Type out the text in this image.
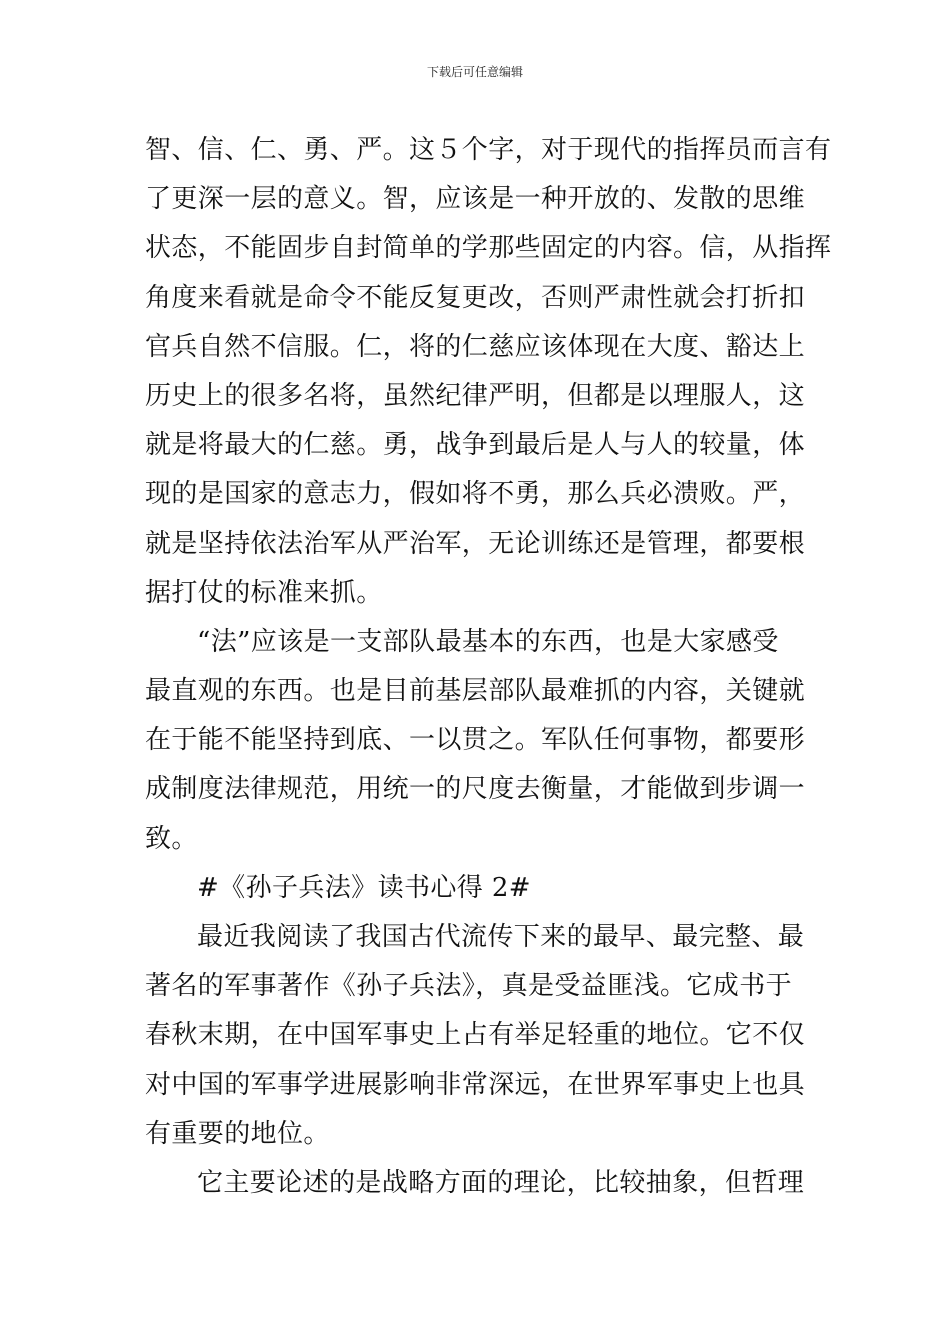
下载后可任意编辑
智、信、仁、勇、严。这５个字，对于现代的指挥员而言有
了更深一层的意义。智，应该是一种开放的、发散的思维
状态，不能固步自封简单的学那些固定的内容。信，从指挥
角度来看就是命令不能反复更改，否则严肃性就会打折扣
官兵自然不信服。仁，将的仁慈应该体现在大度、豁达上
历史上的很多名将，虽然纪律严明，但都是以理服人，这
就是将最大的仁慈。勇，战争到最后是人与人的较量，体
现的是国家的意志力，假如将不勇，那么兵必溃败。严，
就是坚持依法治军从严治军，无论训练还是管理，都要根
据打仗的标准来抓。
“法”应该是一支部队最基本的东西，也是大家感受
最直观的东西。也是目前基层部队最难抓的内容，关键就
在于能不能坚持到底、一以贯之。军队任何事物，都要形
成制度法律规范，用统一的尺度去衡量，才能做到步调一
致。
#《孙子兵法》读书心得 2#
最近我阅读了我国古代流传下来的最早、最完整、最
著名的军事著作《孙子兵法》，真是受益匪浅。它成书于
春秋末期，在中国军事史上占有举足轻重的地位。它不仅
对中国的军事学进展影响非常深远，在世界军事史上也具
有重要的地位。
它主要论述的是战略方面的理论，比较抽象，但哲理
